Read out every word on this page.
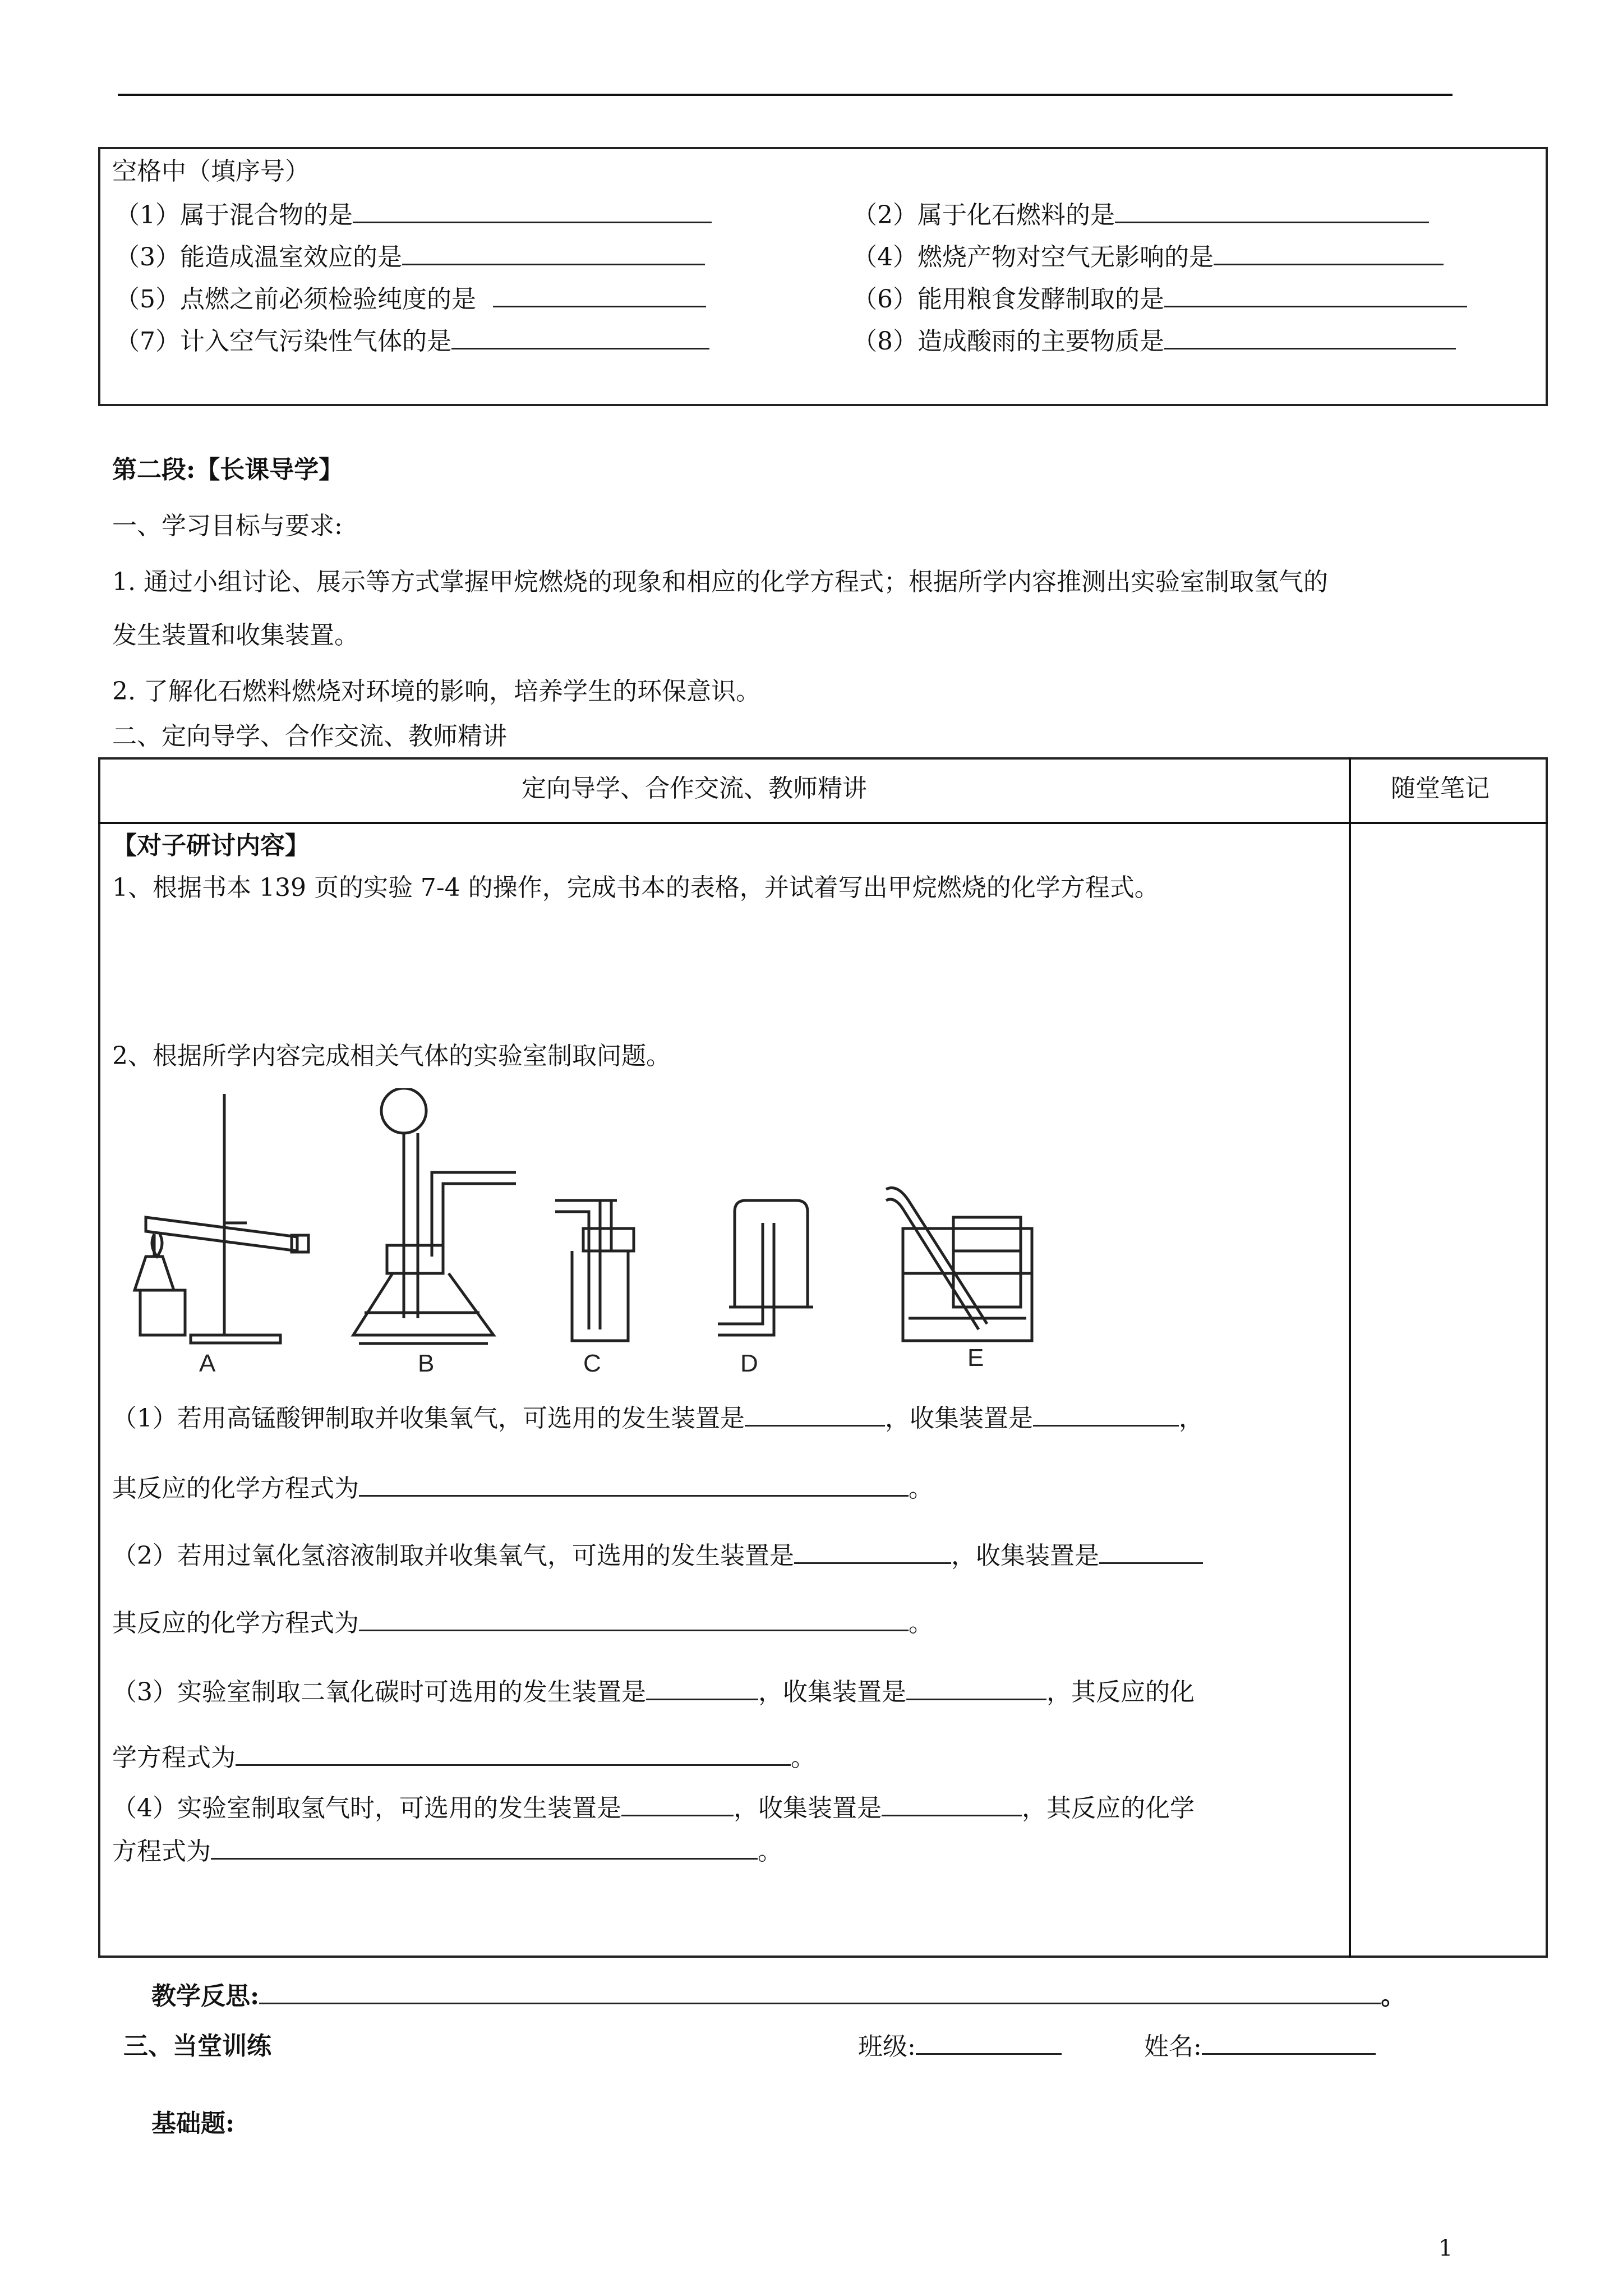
空格中（填序号）
（1）属于混合物的是	（2）属于化石燃料的是
（3）能造成温室效应的是	（4）燃烧产物对空气无影响的是
（5）点燃之前必须检验纯度的是	（6）能用粮食发酵制取的是
（7）计入空气污染性气体的是	（8）造成酸雨的主要物质是
第二段:【长课导学】
一、学习目标与要求:
1. 通过小组讨论、展示等方式掌握甲烷燃烧的现象和相应的化学方程式；根据所学内容推测出实验室制取氢气的
发生装置和收集装置。
2. 了解化石燃料燃烧对环境的影响，培养学生的环保意识。
二、定向导学、合作交流、教师精讲
定向导学、合作交流、教师精讲	随堂笔记
【对子研讨内容】
1、根据书本 139 页的实验 7-4 的操作，完成书本的表格，并试着写出甲烷燃烧的化学方程式。
2、根据所学内容完成相关气体的实验室制取问题。
A	B	C	D	E
（1）若用高锰酸钾制取并收集氧气，可选用的发生装置是	，收集装置是	，
其反应的化学方程式为	。
（2）若用过氧化氢溶液制取并收集氧气，可选用的发生装置是	，收集装置是
其反应的化学方程式为	。
（3）实验室制取二氧化碳时可选用的发生装置是	，收集装置是	，其反应的化
学方程式为	。
（4）实验室制取氢气时，可选用的发生装置是	，收集装置是	，其反应的化学
方程式为	。
教学反思:	。
三、当堂训练	班级:	姓名:
基础题:
1
